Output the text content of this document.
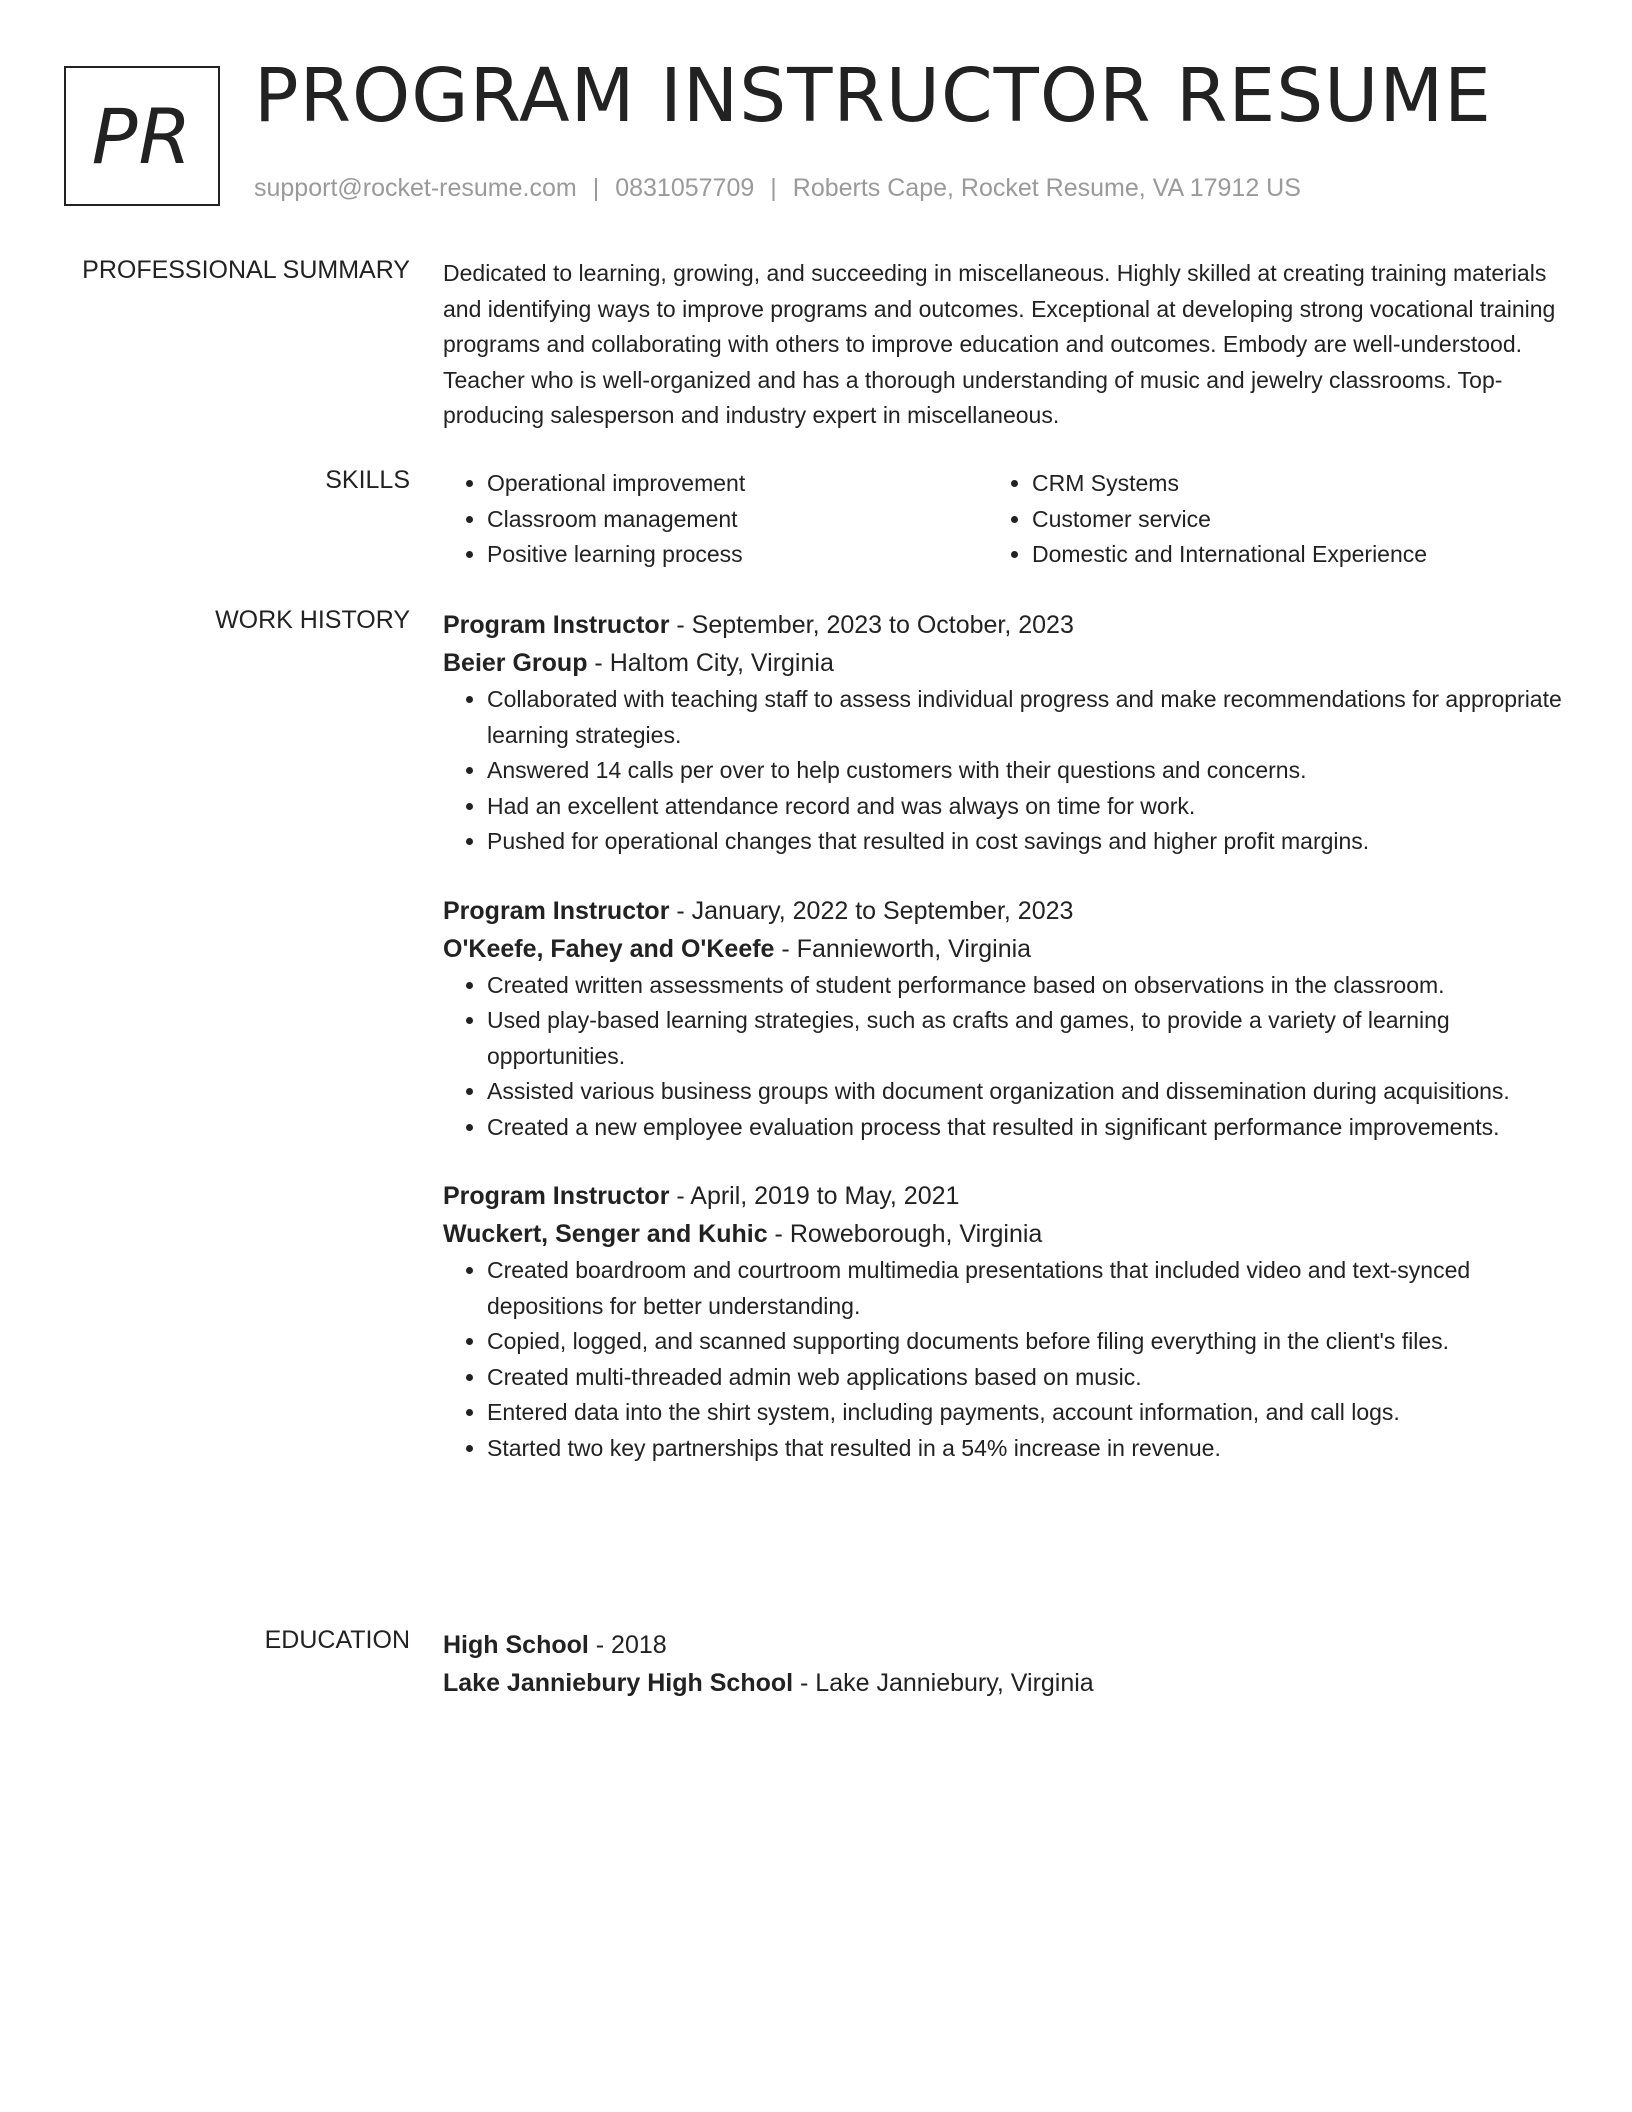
PR PROGRAM INSTRUCTOR RESUME
support@rocket-resume.com | 0831057709 | Roberts Cape, Rocket Resume, VA 17912 US
PROFESSIONAL SUMMARY Dedicated to learning, growing, and succeeding in miscellaneous. Highly skilled at creating training materials and identifying ways to improve programs and outcomes. Exceptional at developing strong vocational training programs and collaborating with others to improve education and outcomes. Embody are well-understood. Teacher who is well-organized and has a thorough understanding of music and jewelry classrooms. Top-producing salesperson and industry expert in miscellaneous.

SKILLS
•	Operational improvement
• Classroom management
• Positive learning process
• CRM Systems
• Customer service
• Domestic and International Experience
WORK HISTORY Program Instructor - September, 2023 to October, 2023
Beier Group - Haltom City, Virginia
• Collaborated with teaching staff to assess individual progress and make recommendations for appropriate learning strategies.
• Answered 14 calls per over to help customers with their questions and concerns.
• Had an excellent attendance record and was always on time for work.
• Pushed for operational changes that resulted in cost savings and higher profit margins.
Program Instructor - January, 2022 to September, 2023
O'Keefe, Fahey and O'Keefe - Fannieworth, Virginia
• Created written assessments of student performance based on observations in the classroom.
• Used play-based learning strategies, such as crafts and games, to provide a variety of learning opportunities.
• Assisted various business groups with document organization and dissemination during acquisitions.
• Created a new employee evaluation process that resulted in significant performance improvements.
Program Instructor - April, 2019 to May, 2021
Wuckert, Senger and Kuhic - Roweborough, Virginia
• Created boardroom and courtroom multimedia presentations that included video and text-synced depositions for better understanding.
• Copied, logged, and scanned supporting documents before filing everything in the client's files.
• Created multi-threaded admin web applications based on music.
• Entered data into the shirt system, including payments, account information, and call logs.
• Started two key partnerships that resulted in a 54% increase in revenue.
EDUCATION High School - 2018
Lake Janniebury High School - Lake Janniebury, Virginia
